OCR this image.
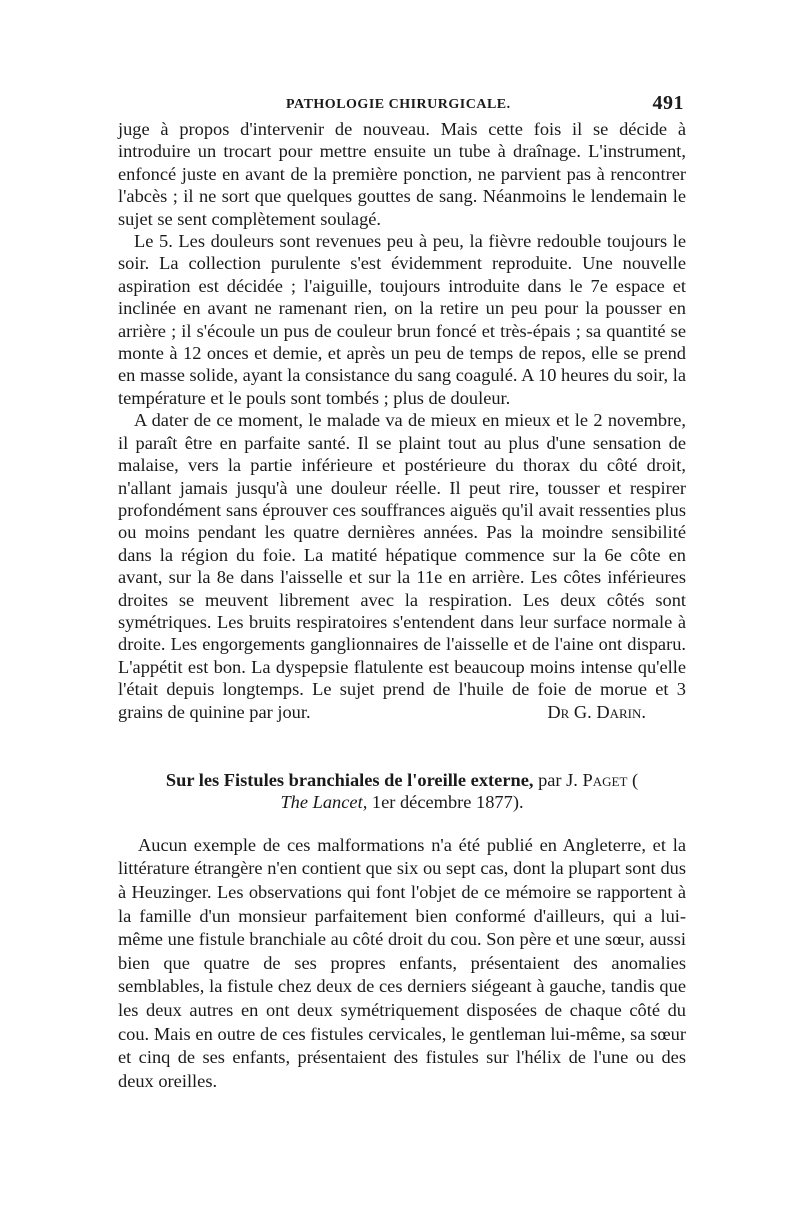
PATHOLOGIE CHIRURGICALE.	491

juge à propos d'intervenir de nouveau. Mais cette fois il se décide à introduire un trocart pour mettre ensuite un tube à draînage. L'instrument, enfoncé juste en avant de la première ponction, ne parvient pas à rencontrer l'abcès ; il ne sort que quelques gouttes de sang. Néanmoins le lendemain le sujet se sent complètement soulagé.

Le 5. Les douleurs sont revenues peu à peu, la fièvre redouble toujours le soir. La collection purulente s'est évidemment reproduite. Une nouvelle aspiration est décidée ; l'aiguille, toujours introduite dans le 7e espace et inclinée en avant ne ramenant rien, on la retire un peu pour la pousser en arrière ; il s'écoule un pus de couleur brun foncé et très-épais ; sa quantité se monte à 12 onces et demie, et après un peu de temps de repos, elle se prend en masse solide, ayant la consistance du sang coagulé. A 10 heures du soir, la température et le pouls sont tombés ; plus de douleur.

A dater de ce moment, le malade va de mieux en mieux et le 2 novembre, il paraît être en parfaite santé. Il se plaint tout au plus d'une sensation de malaise, vers la partie inférieure et postérieure du thorax du côté droit, n'allant jamais jusqu'à une douleur réelle. Il peut rire, tousser et respirer profondément sans éprouver ces souffrances aiguës qu'il avait ressenties plus ou moins pendant les quatre dernières années. Pas la moindre sensibilité dans la région du foie. La matité hépatique commence sur la 6e côte en avant, sur la 8e dans l'aisselle et sur la 11e en arrière. Les côtes inférieures droites se meuvent librement avec la respiration. Les deux côtés sont symétriques. Les bruits respiratoires s'entendent dans leur surface normale à droite. Les engorgements ganglionnaires de l'aisselle et de l'aine ont disparu. L'appétit est bon. La dyspepsie flatulente est beaucoup moins intense qu'elle l'était depuis longtemps. Le sujet prend de l'huile de foie de morue et 3 grains de quinine par jour.	Dr G. Darin.

Sur les Fistules branchiales de l'oreille externe, par J. Paget (
The Lancet, 1er décembre 1877).

Aucun exemple de ces malformations n'a été publié en Angleterre, et la littérature étrangère n'en contient que six ou sept cas, dont la plupart sont dus à Heuzinger. Les observations qui font l'objet de ce mémoire se rapportent à la famille d'un monsieur parfaitement bien conformé d'ailleurs, qui a lui-même une fistule branchiale au côté droit du cou. Son père et une sœur, aussi bien que quatre de ses propres enfants, présentaient des anomalies semblables, la fistule chez deux de ces derniers siégeant à gauche, tandis que les deux autres en ont deux symétriquement disposées de chaque côté du cou. Mais en outre de ces fistules cervicales, le gentleman lui-même, sa sœur et cinq de ses enfants, présentaient des fistules sur l'hélix de l'une ou des deux oreilles.
